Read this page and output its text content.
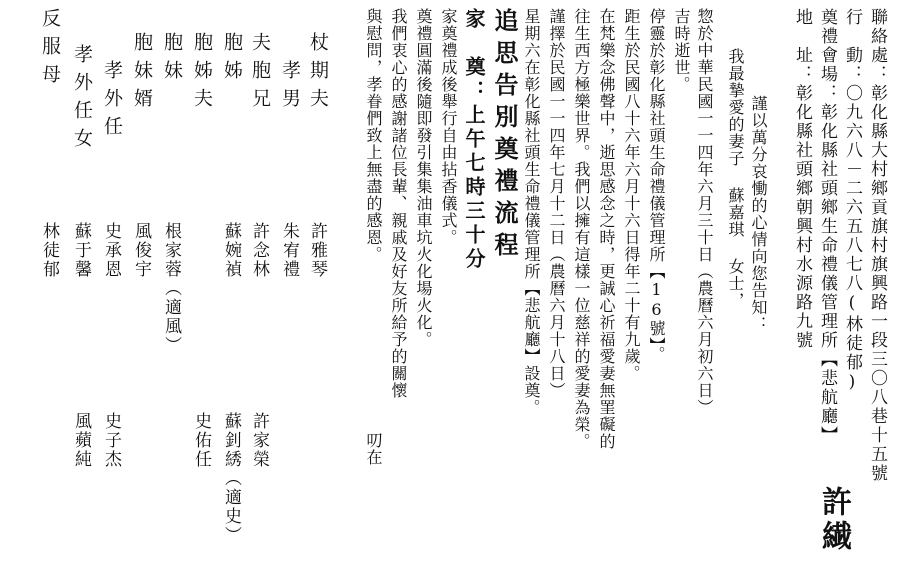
聯絡處：彰化縣大村鄉貢旗村旗興路一段三〇八巷十五號
行　動：〇九六八－二六五八七八(林徒郁)
奠禮會場：彰化縣社頭鄉生命禮儀管理所【悲航廳】
地　址：彰化縣社頭鄉朝興村水源路九號
許繊
謹以萬分哀慟的心情向您告知：
我最摯愛的妻子 蘇嘉琪 女士，
惣於中華民國一一四年六月三十日（農曆六月初六日）
吉時逝世。
停靈於彰化縣社頭生命禮儀管理所【16號】。
距生於民國八十六年六月十六日得年二十有九歲。
在梵樂念佛聲中，逝思感念之時，更誠心祈福愛妻無罣礙的
往生西方極樂世界。我們以擁有這樣一位慈祥的愛妻為榮。
謹擇於民國一一四年七月十二日（農曆六月十八日）
星期六在彰化縣社頭生命禮儀管理所【悲航廳】設奠。
追思告別奠禮流程
家　奠：上午七時三十分
家奠禮成後舉行自由拈香儀式。
奠禮圓滿後隨即發引集集油車坑火化場火化。
我們衷心的感謝諸位長輩、親戚及好友所給予的關懷
與慰問，孝眷們致上無盡的感恩。
叨在
杖期夫
孝男
夫胞兄
胞姊
胞姊夫
胞妹
胞妹婿
孝外任
孝外任女
反服母
許雅琴
朱宥禮
許念林
蘇婉禎
根家蓉（適風）
風俊宇
史承恩
蘇于馨
林徒郁
許家榮
蘇釗綉（適史）
史佑任
史子杰
風蘋純
